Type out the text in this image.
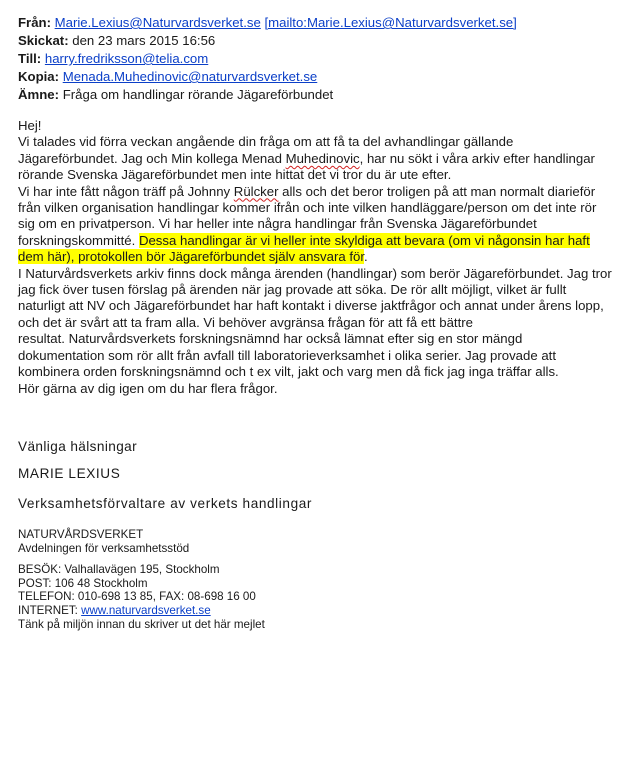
Från: Marie.Lexius@Naturvardsverket.se [mailto:Marie.Lexius@Naturvardsverket.se]
Skickat: den 23 mars 2015 16:56
Till: harry.fredriksson@telia.com
Kopia: Menada.Muhedinovic@naturvardsverket.se
Ämne: Fråga om handlingar rörande Jägareförbundet
Hej!

Vi talades vid förra veckan angående din fråga om att få ta del avhandlingar gällande
Jägareförbundet. Jag och Min kollega Menad Muhedinovic, har nu sökt i våra arkiv efter handlingar
rörande Svenska Jägareförbundet men inte hittat det vi tror du är ute efter.

Vi har inte fått någon träff på Johnny Rülcker alls och det beror troligen på att man normalt diarieför
från vilken organisation handlingar kommer ifrån och inte vilken handläggare/person om det inte rör
sig om en privatperson. Vi har heller inte några handlingar från Svenska Jägareförbundet
forskningskommitté. Dessa handlingar är vi heller inte skyldiga att bevara (om vi någonsin har haft
dem här), protokollen bör Jägareförbundet själv ansvara för.

I Naturvårdsverkets arkiv finns dock många ärenden (handlingar) som berör Jägareförbundet. Jag tror
jag fick över tusen förslag på ärenden när jag provade att söka. De rör allt möjligt, vilket är fullt
naturligt att NV och Jägareförbundet har haft kontakt i diverse jaktfrågor och annat under årens lopp,
och det är svårt att ta fram alla. Vi behöver avgränsa frågan för att få ett bättre
resultat. Naturvårdsverkets forskningsnämnd har också lämnat efter sig en stor mängd
dokumentation som rör allt från avfall till laboratorieverksamhet i olika serier. Jag provade att
kombinera orden forskningsnämnd och t ex vilt, jakt och varg men då fick jag inga träffar alls.

Hör gärna av dig igen om du har flera frågor.

Vänliga hälsningar
MARIE LEXIUS
Verksamhetsförvaltare av verkets handlingar
NATURVÅRDSVERKET
Avdelningen för verksamhetsstöd
BESÖK: Valhallavägen 195, Stockholm
POST: 106 48 Stockholm
TELEFON: 010-698 13 85, FAX: 08-698 16 00
INTERNET: www.naturvardsverket.se
Tänk på miljön innan du skriver ut det här mejlet
